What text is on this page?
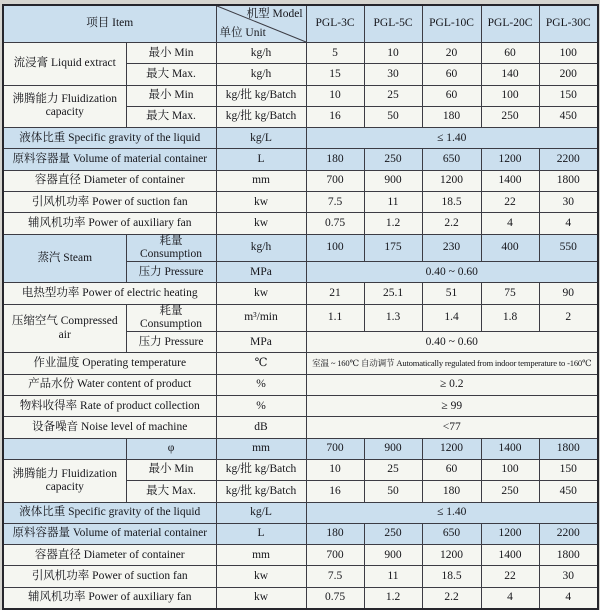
项目 Item		机型 Model
单位 Unit	PGL-3C	PGL-5C	PGL-10C	PGL-20C	PGL-30C
流浸膏 Liquid extract	最小 Min	kg/h	5	10	20	60	100
	最大 Max.	kg/h	15	30	60	140	200
沸腾能力 Fluidization capacity	最小 Min	kg/批 kg/Batch	10	25	60	100	150
	最大 Max.	kg/批 kg/Batch	16	50	180	250	450
液体比重 Specific gravity of the liquid		kg/L	≤ 1.40				
原料容器量 Volume of material container		L	180	250	650	1200	2200
容器直径 Diameter of container		mm	700	900	1200	1400	1800
引风机功率 Power of suction fan		kw	7.5	11	18.5	22	30
辅风机功率 Power of auxiliary fan		kw	0.75	1.2	2.2	4	4
蒸汽 Steam	耗量 Consumption	kg/h	100	175	230	400	550
	压力 Pressure	MPa	0.40 ~ 0.60				
电热型功率 Power of electric heating		kw	21	25.1	51	75	90
压缩空气 Compressed air	耗量 Consumption	m³/min	1.1	1.3	1.4	1.8	2
	压力 Pressure	MPa	0.40 ~ 0.60				
作业温度 Operating temperature		℃	室温 ~ 160℃ 自动调节 Automatically regulated from indoor temperature to -160℃				
产品水份 Water content of product		%	≥ 0.2				
物料收得率 Rate of product collection		%	≥ 99				
设备噪音 Noise level of machine		dB	<77				
	φ	mm	700	900	1200	1400	1800
沸腾能力 Fluidization capacity	最小 Min	kg/批 kg/Batch	10	25	60	100	150
	最大 Max.	kg/批 kg/Batch	16	50	180	250	450
液体比重 Specific gravity of the liquid		kg/L	≤ 1.40				
原料容器量 Volume of material container		L	180	250	650	1200	2200
容器直径 Diameter of container		mm	700	900	1200	1400	1800
引风机功率 Power of suction fan		kw	7.5	11	18.5	22	30
辅风机功率 Power of auxiliary fan		kw	0.75	1.2	2.2	4	4
